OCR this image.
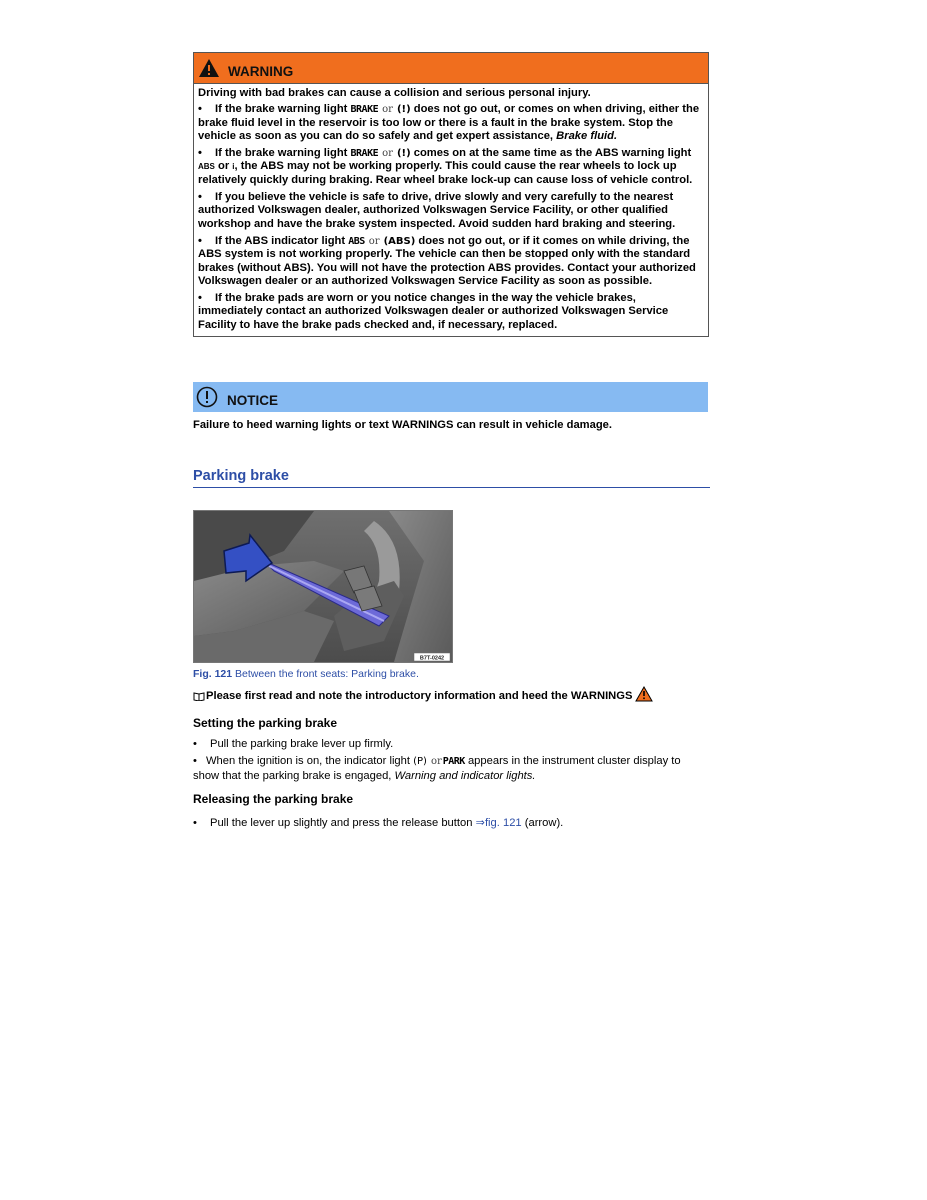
WARNING

Driving with bad brakes can cause a collision and serious personal injury.

• If the brake warning light BRAKE or (!) does not go out, or comes on when driving, either the brake fluid level in the reservoir is too low or there is a fault in the brake system. Stop the vehicle as soon as you can do so safely and get expert assistance, Brake fluid.

• If the brake warning light BRAKE or (!) comes on at the same time as the ABS warning light ABS or i, the ABS may not be working properly. This could cause the rear wheels to lock up relatively quickly during braking. Rear wheel brake lock-up can cause loss of vehicle control.

• If you believe the vehicle is safe to drive, drive slowly and very carefully to the nearest authorized Volkswagen dealer, authorized Volkswagen Service Facility, or other qualified workshop and have the brake system inspected. Avoid sudden hard braking and steering.

• If the ABS indicator light ABS or (ABS) does not go out, or if it comes on while driving, the ABS system is not working properly. The vehicle can then be stopped only with the standard brakes (without ABS). You will not have the protection ABS provides. Contact your authorized Volkswagen dealer or an authorized Volkswagen Service Facility as soon as possible.

• If the brake pads are worn or you notice changes in the way the vehicle brakes, immediately contact an authorized Volkswagen dealer or authorized Volkswagen Service Facility to have the brake pads checked and, if necessary, replaced.

NOTICE
Failure to heed warning lights or text WARNINGS can result in vehicle damage.
Parking brake
B7T-0242
Fig. 121 Between the front seats: Parking brake.
Please first read and note the introductory information and heed the WARNINGS
Setting the parking brake
• Pull the parking brake lever up firmly.
• When the ignition is on, the indicator light (P) orPARK appears in the instrument cluster display to show that the parking brake is engaged, Warning and indicator lights.
Releasing the parking brake
• Pull the lever up slightly and press the release button ⇒fig. 121 (arrow).
